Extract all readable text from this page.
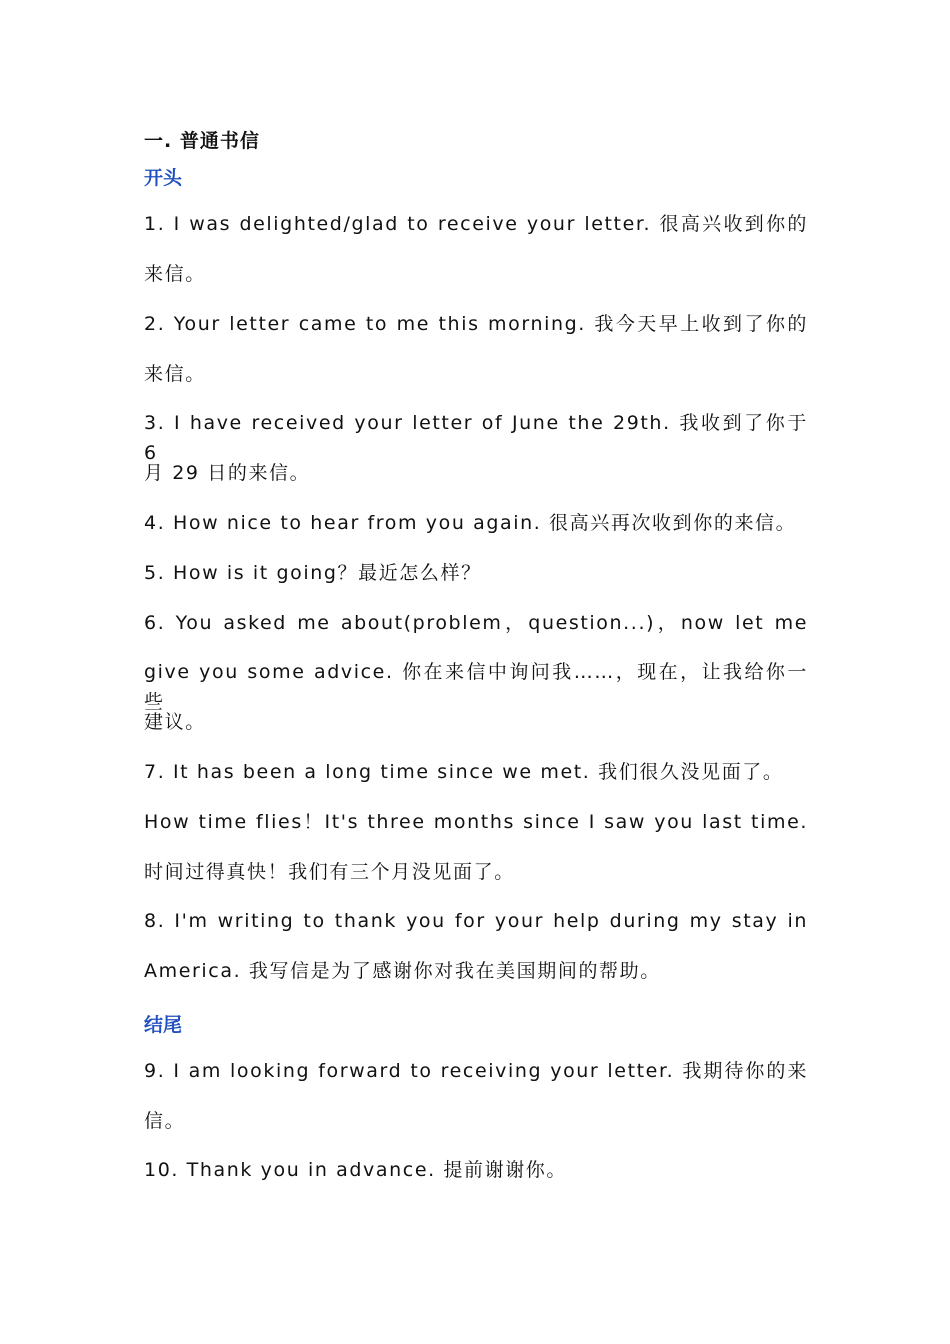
一. 普通书信
开头
1. I was delighted/glad to receive your letter. 很高兴收到你的
来信。
2. Your letter came to me this morning. 我今天早上收到了你的
来信。
3. I have received your letter of June the 29th. 我收到了你于 6
月 29 日的来信。
4. How nice to hear from you again. 很高兴再次收到你的来信。
5. How is it going？最近怎么样？
6. You asked me about(problem，question...)，now let me
give you some advice. 你在来信中询问我……，现在，让我给你一些
建议。
7. It has been a long time since we met. 我们很久没见面了。
How time flies！It's three months since I saw you last time.
时间过得真快！我们有三个月没见面了。
8. I'm writing to thank you for your help during my stay in
America. 我写信是为了感谢你对我在美国期间的帮助。
结尾
9. I am looking forward to receiving your letter. 我期待你的来
信。
10. Thank you in advance. 提前谢谢你。
